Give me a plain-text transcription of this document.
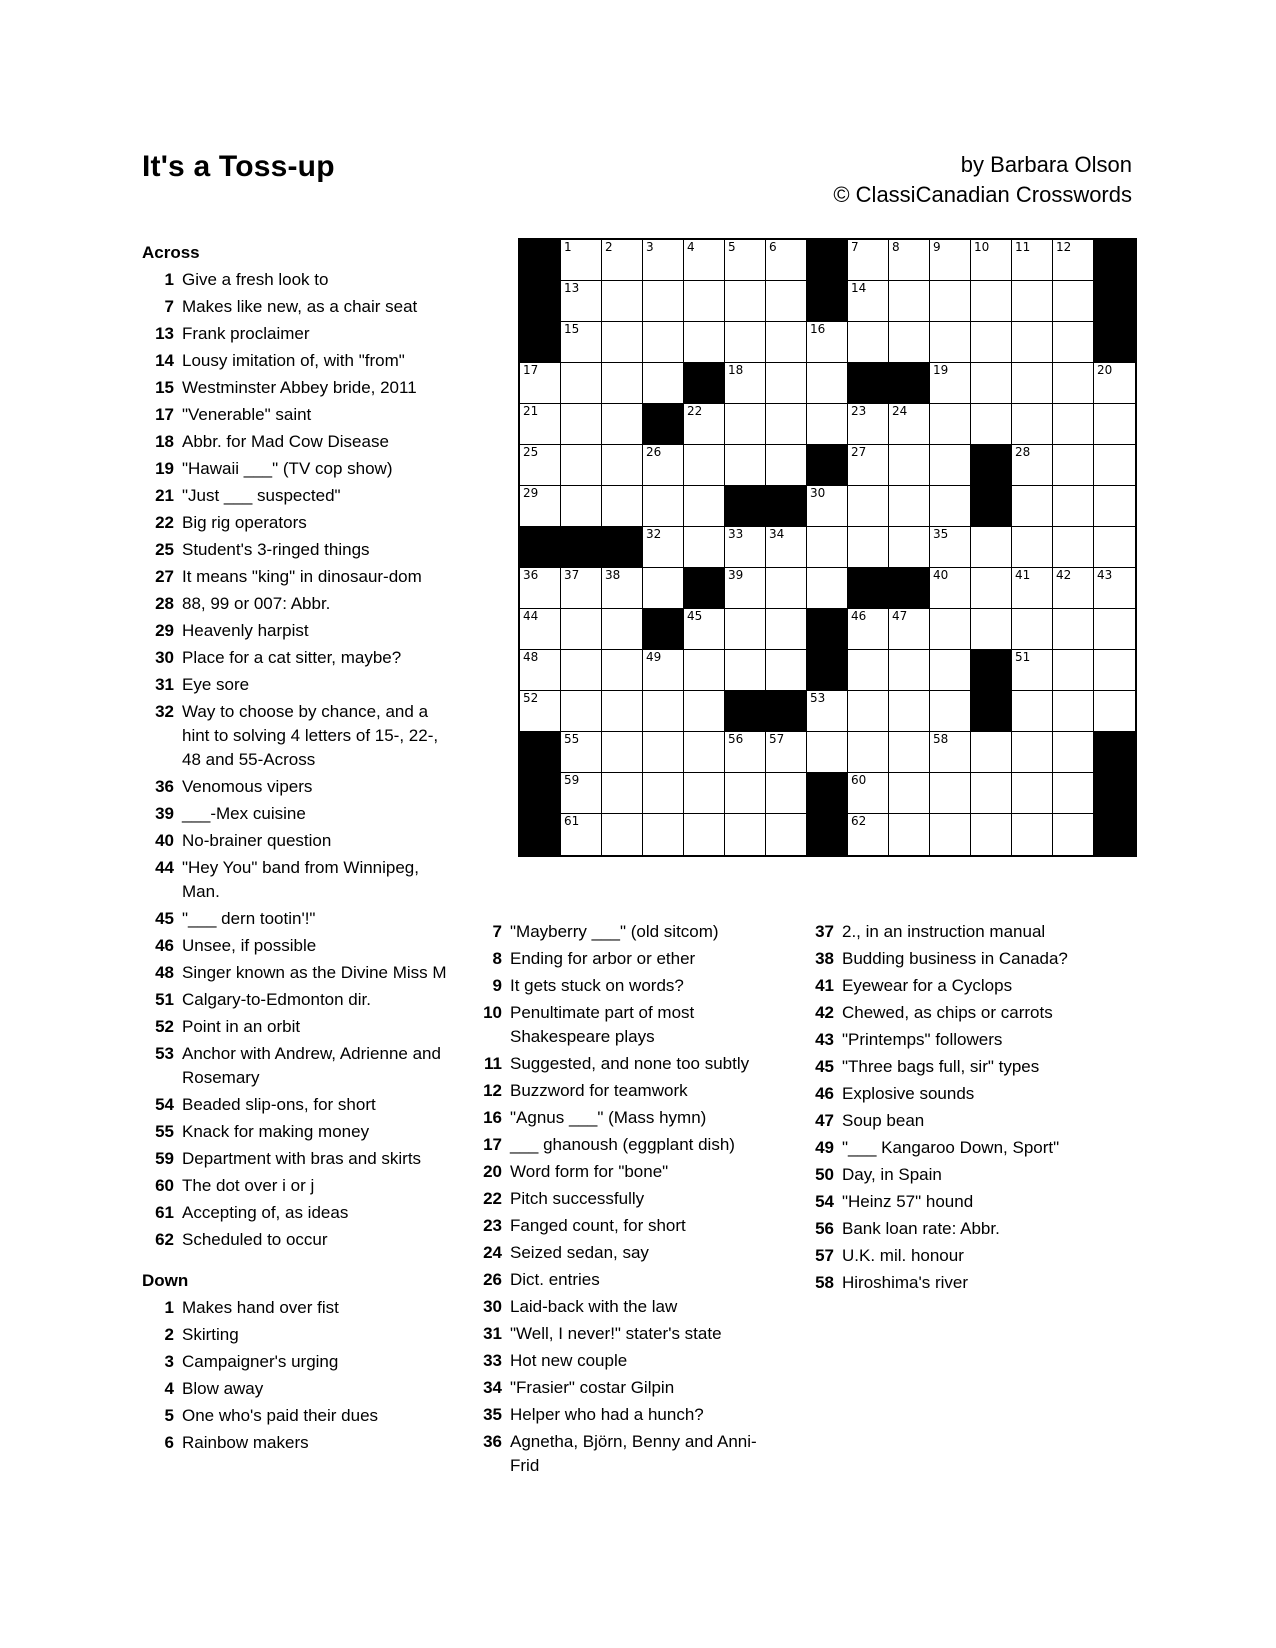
It's a Toss-up	by Barbara Olson
© ClassiCanadian Crosswords
Across
1 Give a fresh look to
7 Makes like new, as a chair seat
13 Frank proclaimer
14 Lousy imitation of, with "from"
15 Westminster Abbey bride, 2011
17 "Venerable" saint
18 Abbr. for Mad Cow Disease
19 "Hawaii ___" (TV cop show)
21 "Just ___ suspected"
22 Big rig operators
25 Student's 3-ringed things
27 It means "king" in dinosaur-dom
28 88, 99 or 007: Abbr.
29 Heavenly harpist
30 Place for a cat sitter, maybe?
31 Eye sore
32 Way to choose by chance, and a hint to solving 4 letters of 15-, 22-, 48 and 55-Across
36 Venomous vipers
39 ___-Mex cuisine
40 No-brainer question
44 "Hey You" band from Winnipeg, Man.
45 "___ dern tootin'!"
46 Unsee, if possible
48 Singer known as the Divine Miss M
51 Calgary-to-Edmonton dir.
52 Point in an orbit
53 Anchor with Andrew, Adrienne and Rosemary
54 Beaded slip-ons, for short
55 Knack for making money
59 Department with bras and skirts
60 The dot over i or j
61 Accepting of, as ideas
62 Scheduled to occur
Down
1 Makes hand over fist
2 Skirting
3 Campaigner's urging
4 Blow away
5 One who's paid their dues
6 Rainbow makers
7 "Mayberry ___" (old sitcom)
8 Ending for arbor or ether
9 It gets stuck on words?
10 Penultimate part of most Shakespeare plays
11 Suggested, and none too subtly
12 Buzzword for teamwork
16 "Agnus ___" (Mass hymn)
17 ___ ghanoush (eggplant dish)
20 Word form for "bone"
22 Pitch successfully
23 Fanged count, for short
24 Seized sedan, say
26 Dict. entries
30 Laid-back with the law
31 "Well, I never!" stater's state
33 Hot new couple
34 "Frasier" costar Gilpin
35 Helper who had a hunch?
36 Agnetha, Björn, Benny and Anni-Frid
37 2., in an instruction manual
38 Budding business in Canada?
41 Eyewear for a Cyclops
42 Chewed, as chips or carrots
43 "Printemps" followers
45 "Three bags full, sir" types
46 Explosive sounds
47 Soup bean
49 "___ Kangaroo Down, Sport"
50 Day, in Spain
54 "Heinz 57" hound
56 Bank loan rate: Abbr.
57 U.K. mil. honour
58 Hiroshima's river
1	2	3	4	5	6	7	8	9	10 11 12
13	14
15	16
17	18	19	20
21	22	23 24
25	26	27	28
29	30
32	33 34	35
36 37 38	39	40	41 42 43
44	45	46 47
48	49	51
52	53
55	56 57	58
59	60
61	62
